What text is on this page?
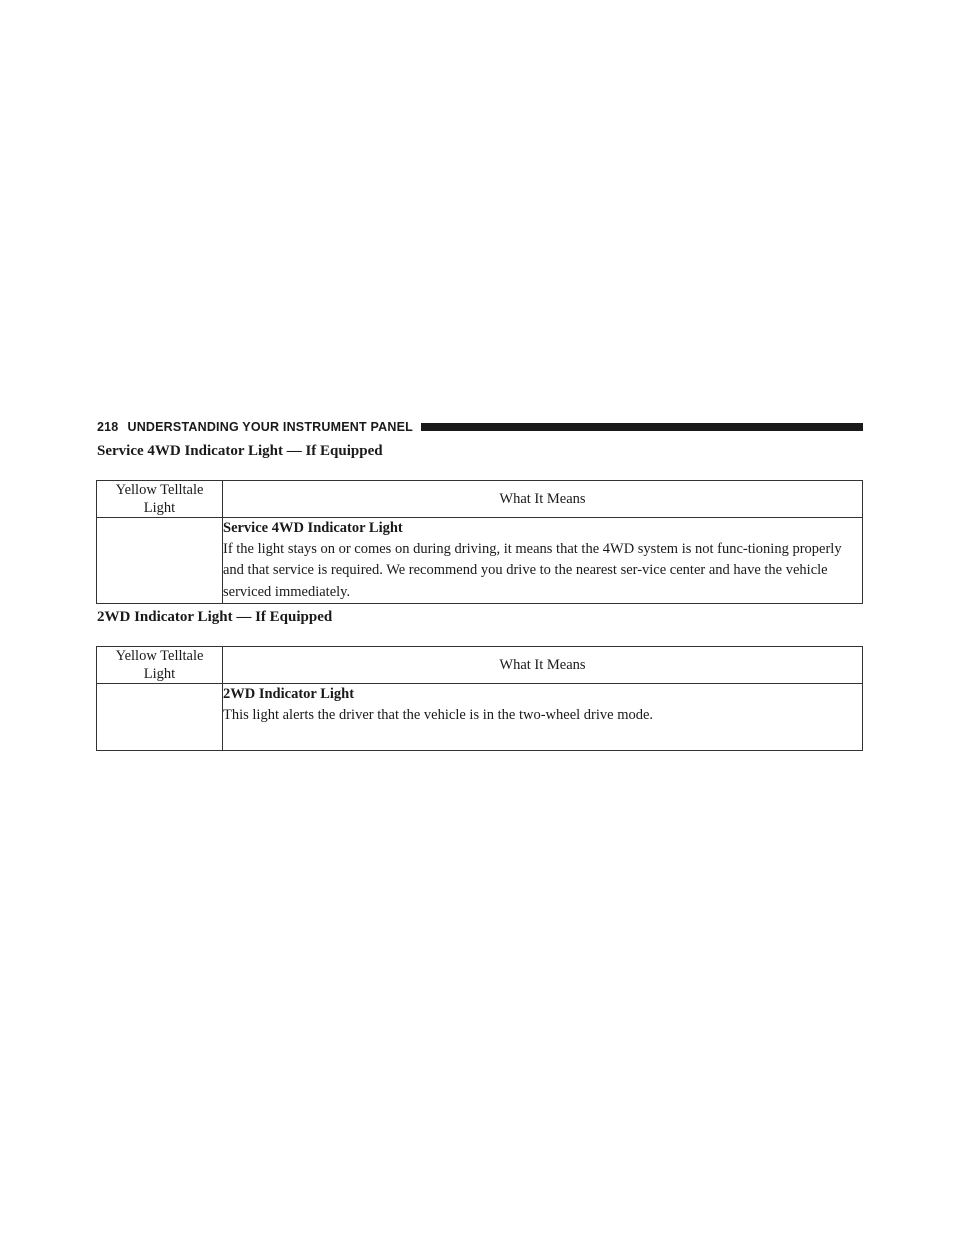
218 UNDERSTANDING YOUR INSTRUMENT PANEL
Service 4WD Indicator Light — If Equipped
Yellow Telltale
Light	What It Means

	Service 4WD Indicator Light
If the light stays on or comes on during driving, it means that the 4WD system is not func-tioning properly and that service is required. We recommend you drive to the nearest ser-vice center and have the vehicle serviced immediately.
2WD Indicator Light — If Equipped
Yellow Telltale
Light	What It Means

	2WD Indicator Light
This light alerts the driver that the vehicle is in the two-wheel drive mode.
